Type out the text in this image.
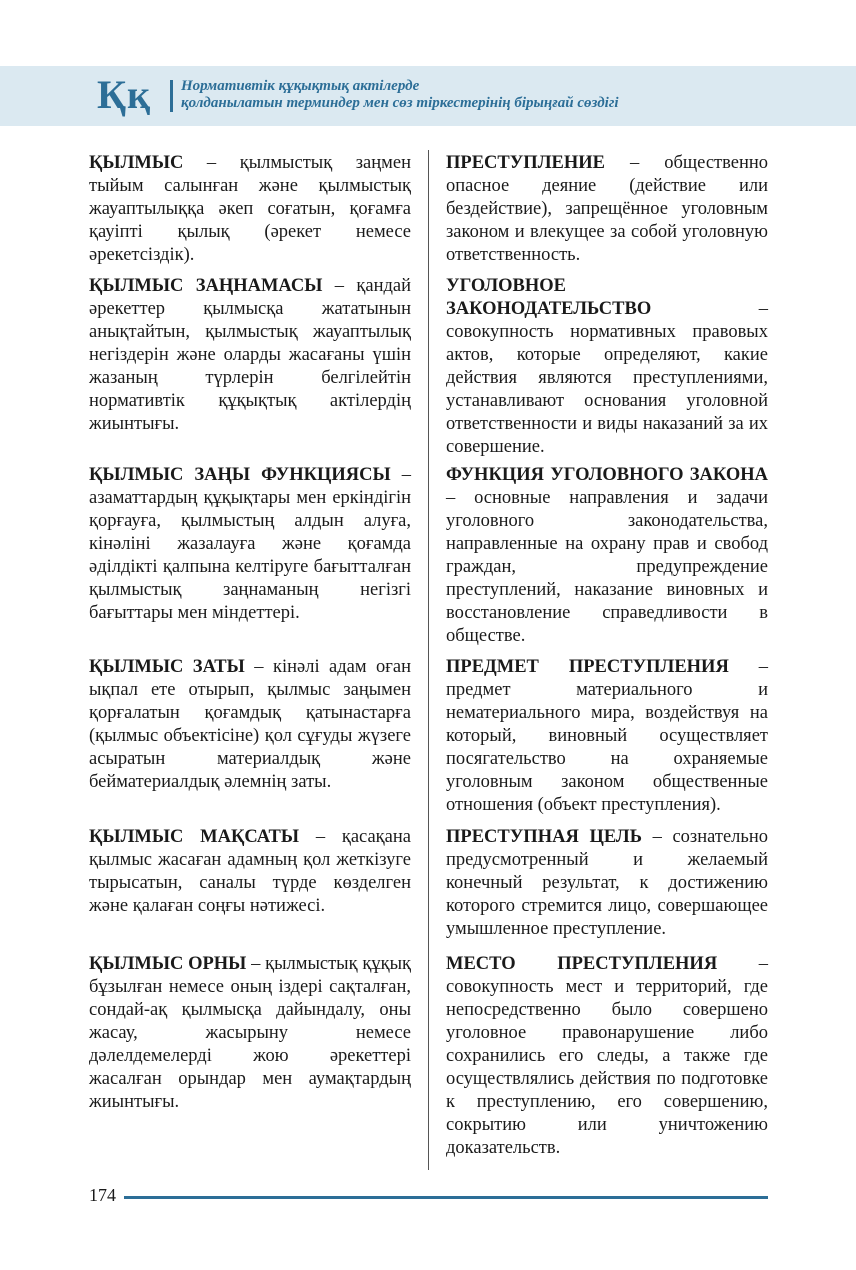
Ққ Нормативтік құқықтық актілерде
қолданылатын терминдер мен сөз тіркестерінің бірыңғай сөздігі

ҚЫЛМЫС – қылмыстық заңмен тыйым салынған және қылмыстық жауаптылыққа әкеп соғатын, қоғамға қауіпті қылық (әрекет немесе әрекетсіздік).

ҚЫЛМЫС ЗАҢНАМАСЫ – қандай әрекеттер қылмысқа жататынын анықтайтын, қылмыстық жауаптылық негіздерін және оларды жасағаны үшін жазаның түрлерін белгілейтін нормативтік құқықтық актілердің жиынтығы.

ҚЫЛМЫС ЗАҢЫ ФУНКЦИЯСЫ – азаматтардың құқықтары мен еркіндігін қорғауға, қылмыстың алдын алуға, кінәліні жазалауға және қоғамда әділдікті қалпына келтіруге бағытталған қылмыстық заңнаманың негізгі бағыттары мен міндеттері.

ҚЫЛМЫС ЗАТЫ – кінәлі адам оған ықпал ете отырып, қылмыс заңымен қорғалатын қоғамдық қатынастарға (қылмыс объектісіне) қол сұғуды жүзеге асыратын материалдық және бейматериалдық әлемнің заты.

ҚЫЛМЫС МАҚСАТЫ – қасақана қылмыс жасаған адамның қол жеткізуге тырысатын, саналы түрде көзделген және қалаған соңғы нәтижесі.

ҚЫЛМЫС ОРНЫ – қылмыстық құқық бұзылған немесе оның іздері сақталған, сондай-ақ қылмысқа дайындалу, оны жасау, жасырыну немесе дәлелдемелерді жою әрекеттері жасалған орындар мен аумақтардың жиынтығы.

ПРЕСТУПЛЕНИЕ – общественно опасное деяние (действие или бездействие), запрещённое уголовным законом и влекущее за собой уголовную ответственность.

УГОЛОВНОЕ ЗАКОНОДАТЕЛЬСТВО – совокупность нормативных правовых актов, которые определяют, какие действия являются преступлениями, устанавливают основания уголовной ответственности и виды наказаний за их совершение.

ФУНКЦИЯ УГОЛОВНОГО ЗАКОНА – основные направления и задачи уголовного законодательства, направленные на охрану прав и свобод граждан, предупреждение преступлений, наказание виновных и восстановление справедливости в обществе.

ПРЕДМЕТ ПРЕСТУПЛЕНИЯ – предмет материального и нематериального мира, воздействуя на который, виновный осуществляет посягательство на охраняемые уголовным законом общественные отношения (объект преступления).

ПРЕСТУПНАЯ ЦЕЛЬ – сознательно предусмотренный и желаемый конечный результат, к достижению которого стремится лицо, совершающее умышленное преступление.

МЕСТО ПРЕСТУПЛЕНИЯ – совокупность мест и территорий, где непосредственно было совершено уголовное правонарушение либо сохранились его следы, а также где осуществлялись действия по подготовке к преступлению, его совершению, сокрытию или уничтожению доказательств.

174
